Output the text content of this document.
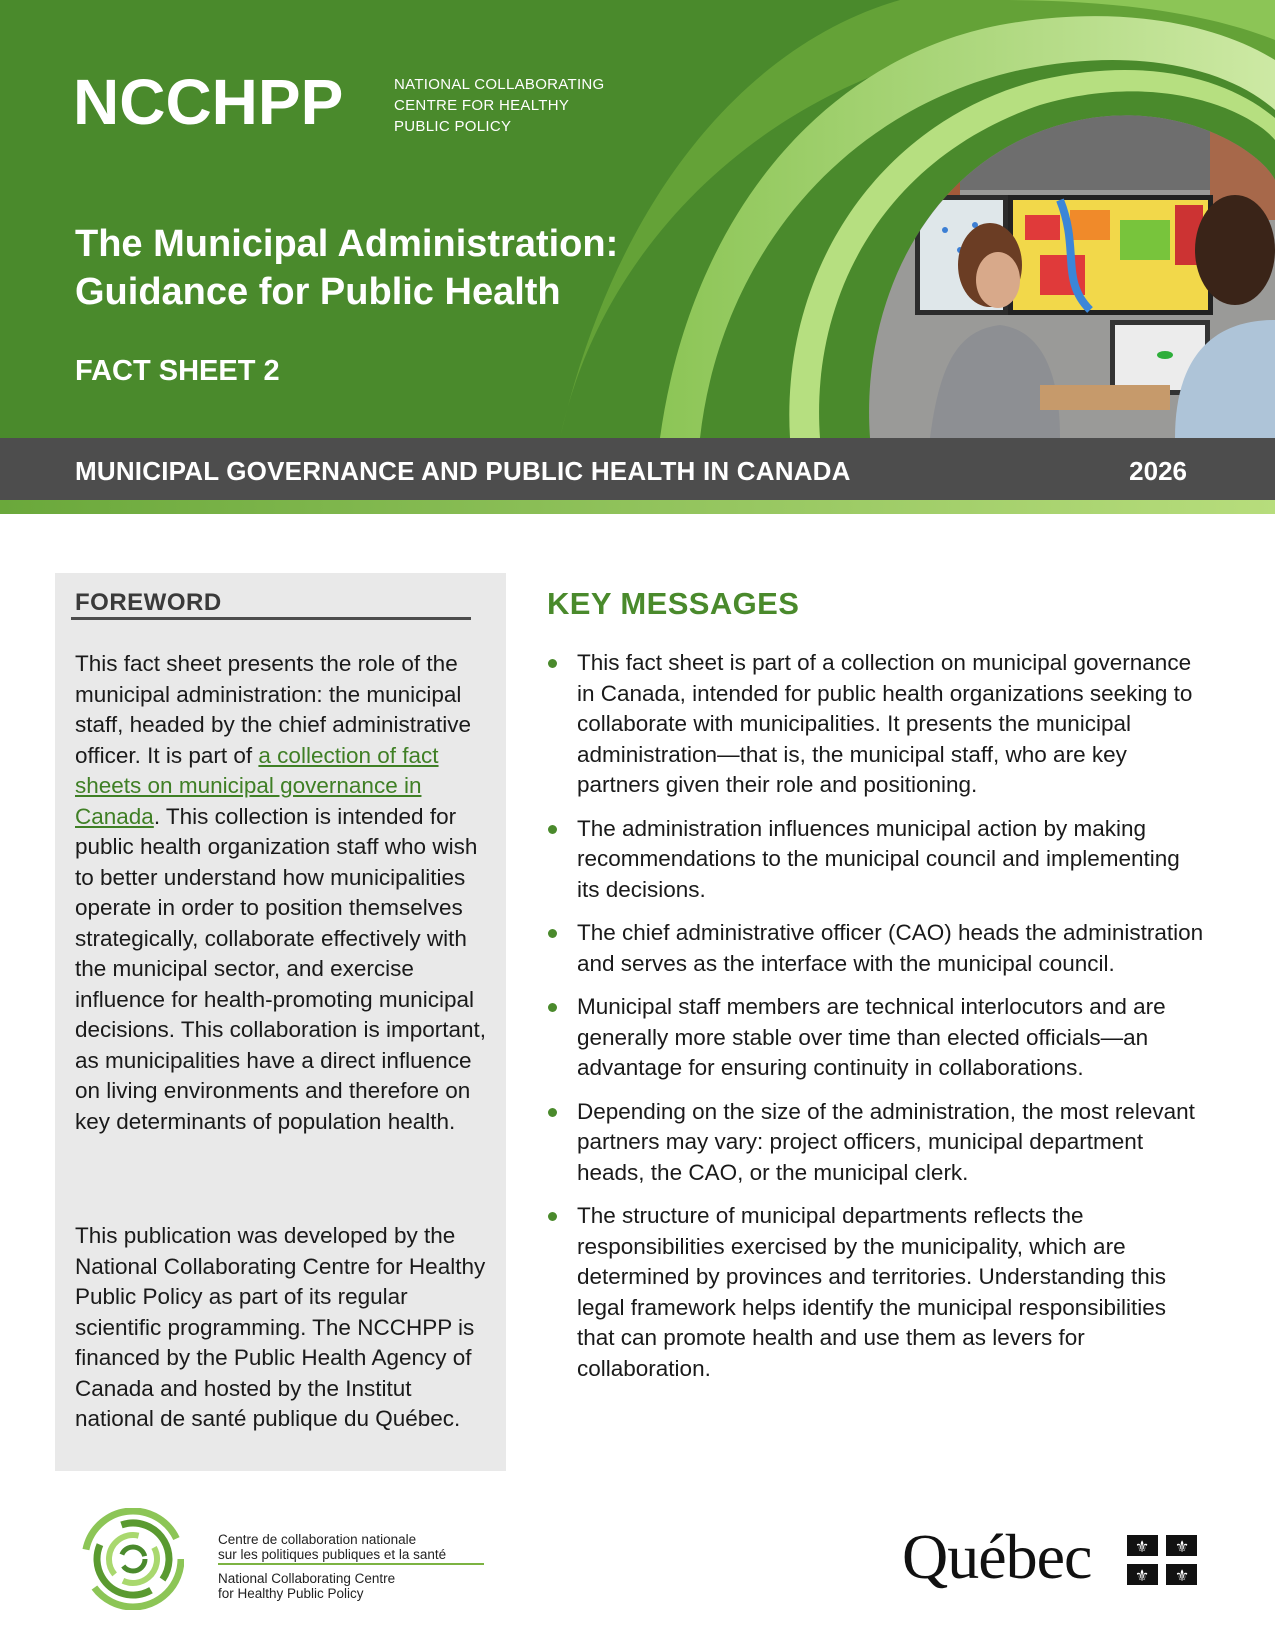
NCCHPP	NATIONAL COLLABORATING
CENTRE FOR HEALTHY
PUBLIC POLICY
The Municipal Administration:
Guidance for Public Health
FACT SHEET 2
MUNICIPAL GOVERNANCE AND PUBLIC HEALTH IN CANADA	2026
FOREWORD

This fact sheet presents the role of the municipal administration: the municipal staff, headed by the chief administrative officer. It is part of a collection of fact sheets on municipal governance in Canada. This collection is intended for public health organization staff who wish to better understand how municipalities operate in order to position themselves strategically, collaborate effectively with the municipal sector, and exercise influence for health-promoting municipal decisions. This collaboration is important, as municipalities have a direct influence on living environments and therefore on key determinants of population health.

This publication was developed by the National Collaborating Centre for Healthy Public Policy as part of its regular scientific programming. The NCCHPP is financed by the Public Health Agency of Canada and hosted by the Institut national de santé publique du Québec.

KEY MESSAGES
This fact sheet is part of a collection on municipal governance in Canada, intended for public health organizations seeking to collaborate with municipalities. It presents the municipal administration—that is, the municipal staff, who are key partners given their role and positioning.
The administration influences municipal action by making recommendations to the municipal council and implementing its decisions.
The chief administrative officer (CAO) heads the administration and serves as the interface with the municipal council.
Municipal staff members are technical interlocutors and are generally more stable over time than elected officials—an advantage for ensuring continuity in collaborations.
Depending on the size of the administration, the most relevant partners may vary: project officers, municipal department heads, the CAO, or the municipal clerk.
The structure of municipal departments reflects the responsibilities exercised by the municipality, which are determined by provinces and territories. Understanding this legal framework helps identify the municipal responsibilities that can promote health and use them as levers for collaboration.
Centre de collaboration nationale
sur les politiques publiques et la santé
National Collaborating Centre
for Healthy Public Policy
Québec	⚜ ⚜
⚜ ⚜
